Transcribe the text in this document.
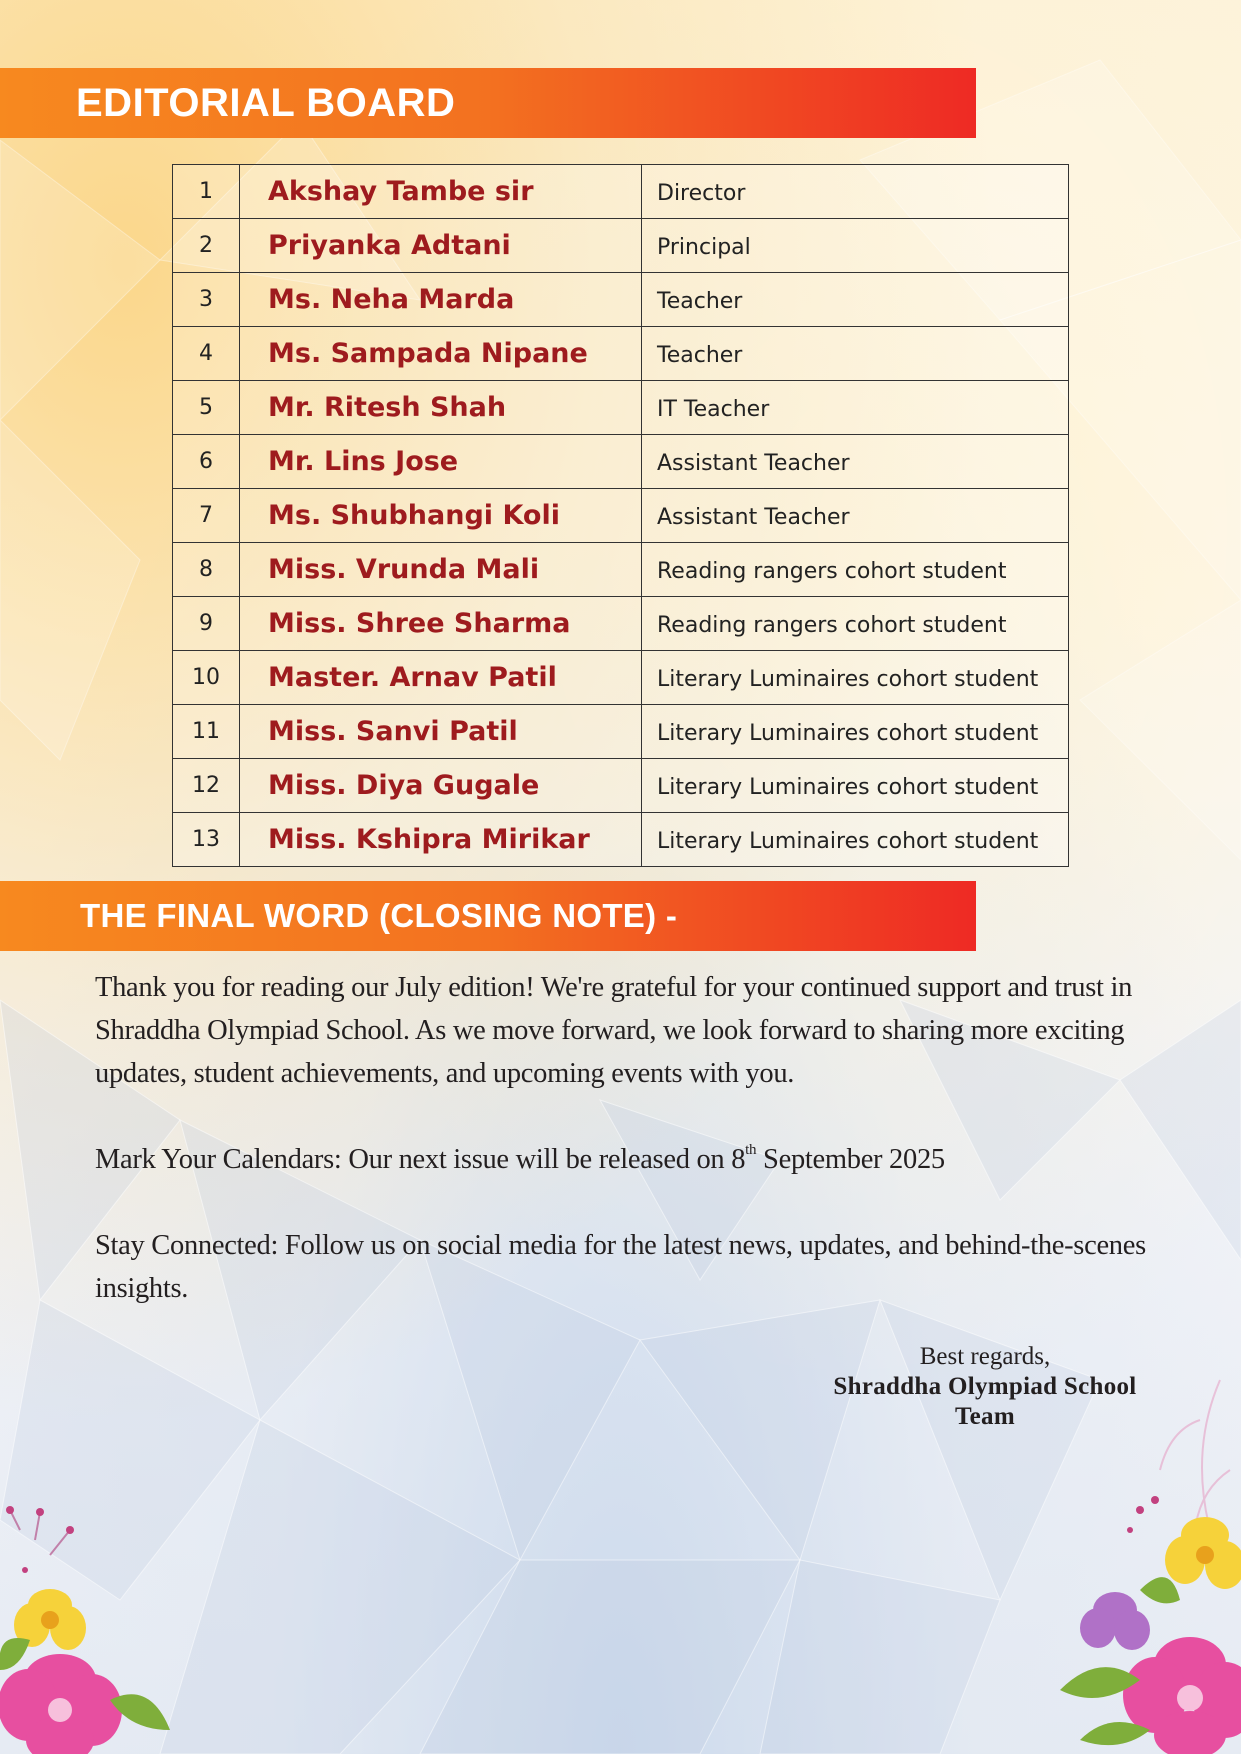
EDITORIAL BOARD
1	Akshay Tambe sir	Director
2	Priyanka Adtani	Principal
3	Ms. Neha Marda	Teacher
4	Ms. Sampada Nipane	Teacher
5	Mr. Ritesh Shah	IT Teacher
6	Mr. Lins Jose	Assistant Teacher
7	Ms. Shubhangi Koli	Assistant Teacher
8	Miss. Vrunda Mali	Reading rangers cohort student
9	Miss. Shree Sharma	Reading rangers cohort student
10	Master. Arnav Patil	Literary Luminaires cohort student
11	Miss. Sanvi Patil	Literary Luminaires cohort student
12	Miss. Diya Gugale	Literary Luminaires cohort student
13	Miss. Kshipra Mirikar	Literary Luminaires cohort student
THE FINAL WORD (CLOSING NOTE) -

Thank you for reading our July edition! We're grateful for your continued support and trust in Shraddha Olympiad School. As we move forward, we look forward to sharing more exciting updates, student achievements, and upcoming events with you.

Mark Your Calendars: Our next issue will be released on 8th September 2025

Stay Connected: Follow us on social media for the latest news, updates, and behind-the-scenes insights.

Best regards,
Shraddha Olympiad School
Team
